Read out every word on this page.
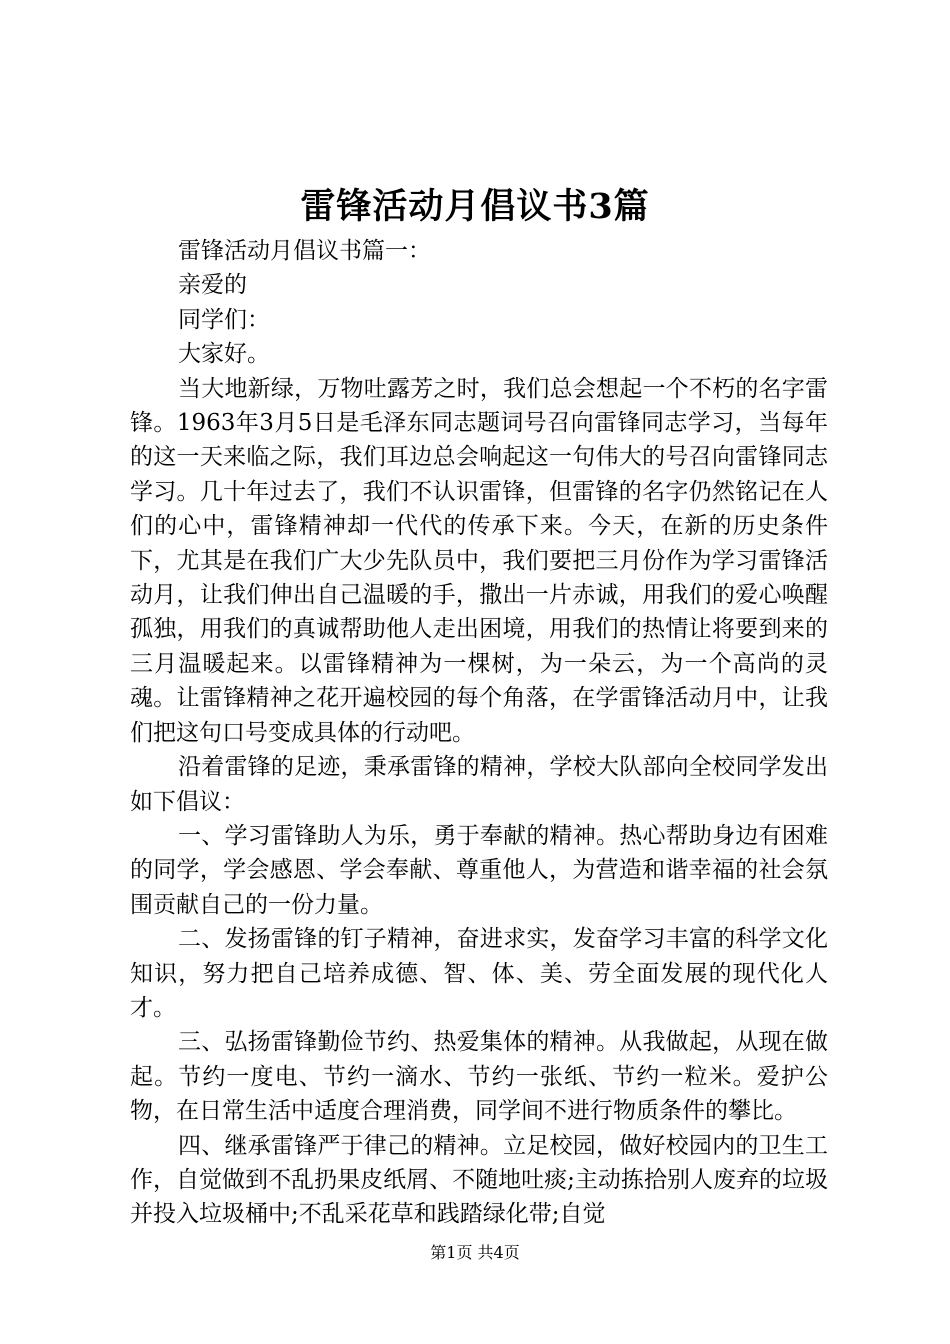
雷锋活动月倡议书3篇

雷锋活动月倡议书篇一：

亲爱的

同学们：

大家好。

当大地新绿，万物吐露芳之时，我们总会想起一个不朽的名字雷锋。1963年3月5日是毛泽东同志题词号召向雷锋同志学习，当每年的这一天来临之际，我们耳边总会响起这一句伟大的号召向雷锋同志学习。几十年过去了，我们不认识雷锋，但雷锋的名字仍然铭记在人们的心中，雷锋精神却一代代的传承下来。今天，在新的历史条件下，尤其是在我们广大少先队员中，我们要把三月份作为学习雷锋活动月，让我们伸出自己温暖的手，撒出一片赤诚，用我们的爱心唤醒孤独，用我们的真诚帮助他人走出困境，用我们的热情让将要到来的三月温暖起来。以雷锋精神为一棵树，为一朵云，为一个高尚的灵魂。让雷锋精神之花开遍校园的每个角落，在学雷锋活动月中，让我们把这句口号变成具体的行动吧。

沿着雷锋的足迹，秉承雷锋的精神，学校大队部向全校同学发出如下倡议：

一、学习雷锋助人为乐，勇于奉献的精神。热心帮助身边有困难的同学，学会感恩、学会奉献、尊重他人，为营造和谐幸福的社会氛围贡献自己的一份力量。

二、发扬雷锋的钉子精神，奋进求实，发奋学习丰富的科学文化知识，努力把自己培养成德、智、体、美、劳全面发展的现代化人才。

三、弘扬雷锋勤俭节约、热爱集体的精神。从我做起，从现在做起。节约一度电、节约一滴水、节约一张纸、节约一粒米。爱护公物，在日常生活中适度合理消费，同学间不进行物质条件的攀比。

四、继承雷锋严于律己的精神。立足校园，做好校园内的卫生工作，自觉做到不乱扔果皮纸屑、不随地吐痰;主动拣拾别人废弃的垃圾并投入垃圾桶中;不乱采花草和践踏绿化带;自觉

第1页 共4页
